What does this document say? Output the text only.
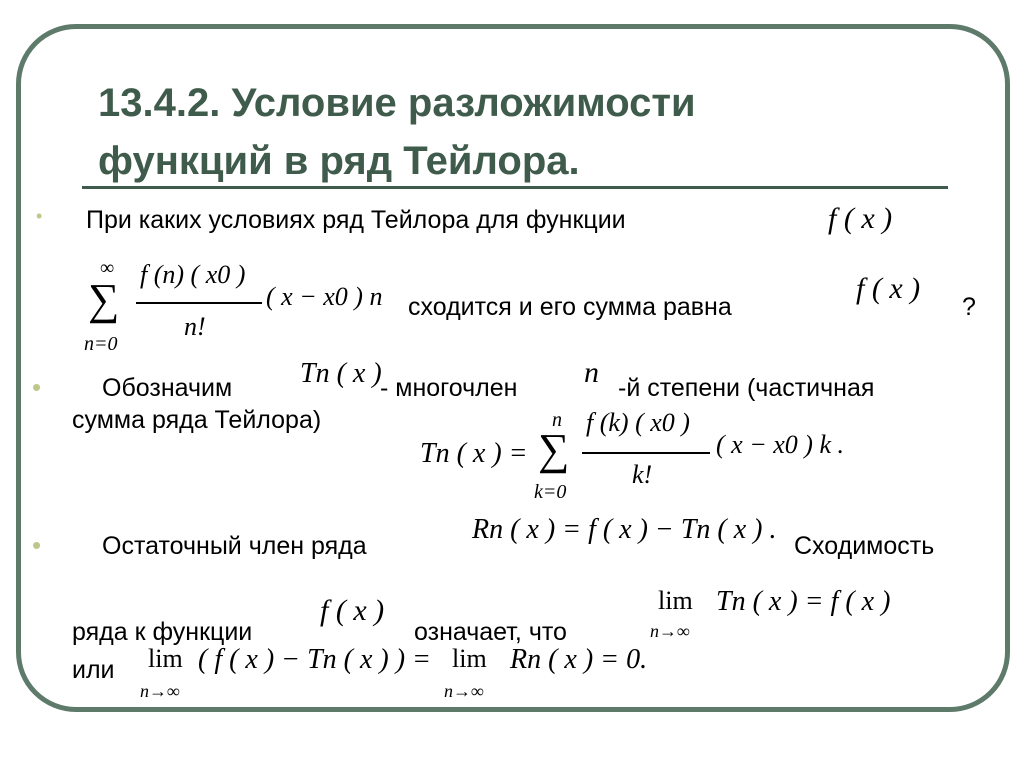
13.4.2. Условие разложимости
функций в ряд Тейлора.
• При каких условиях ряд Тейлора для функции	f ( x )
∞
∑
n=0
f (n) ( x0 )
n!
( x − x0 ) n сходится и его сумма равна
f ( x )
?
• Обозначим Tn ( x )
- многочлен n -й степени (частичная
сумма ряда Тейлора)
Tn ( x ) =
n
∑
k=0
f (k) ( x0 )
k!
( x − x0 ) k .
• Остаточный член ряда
Rn ( x ) = f ( x ) − Tn ( x ) .
Сходимость
ряда к функции
f ( x )
означает, что
lim
n→∞
Tn ( x ) = f ( x )
или lim
n→∞
( f ( x ) − Tn ( x ) ) = lim
n→∞
Rn ( x ) = 0.
